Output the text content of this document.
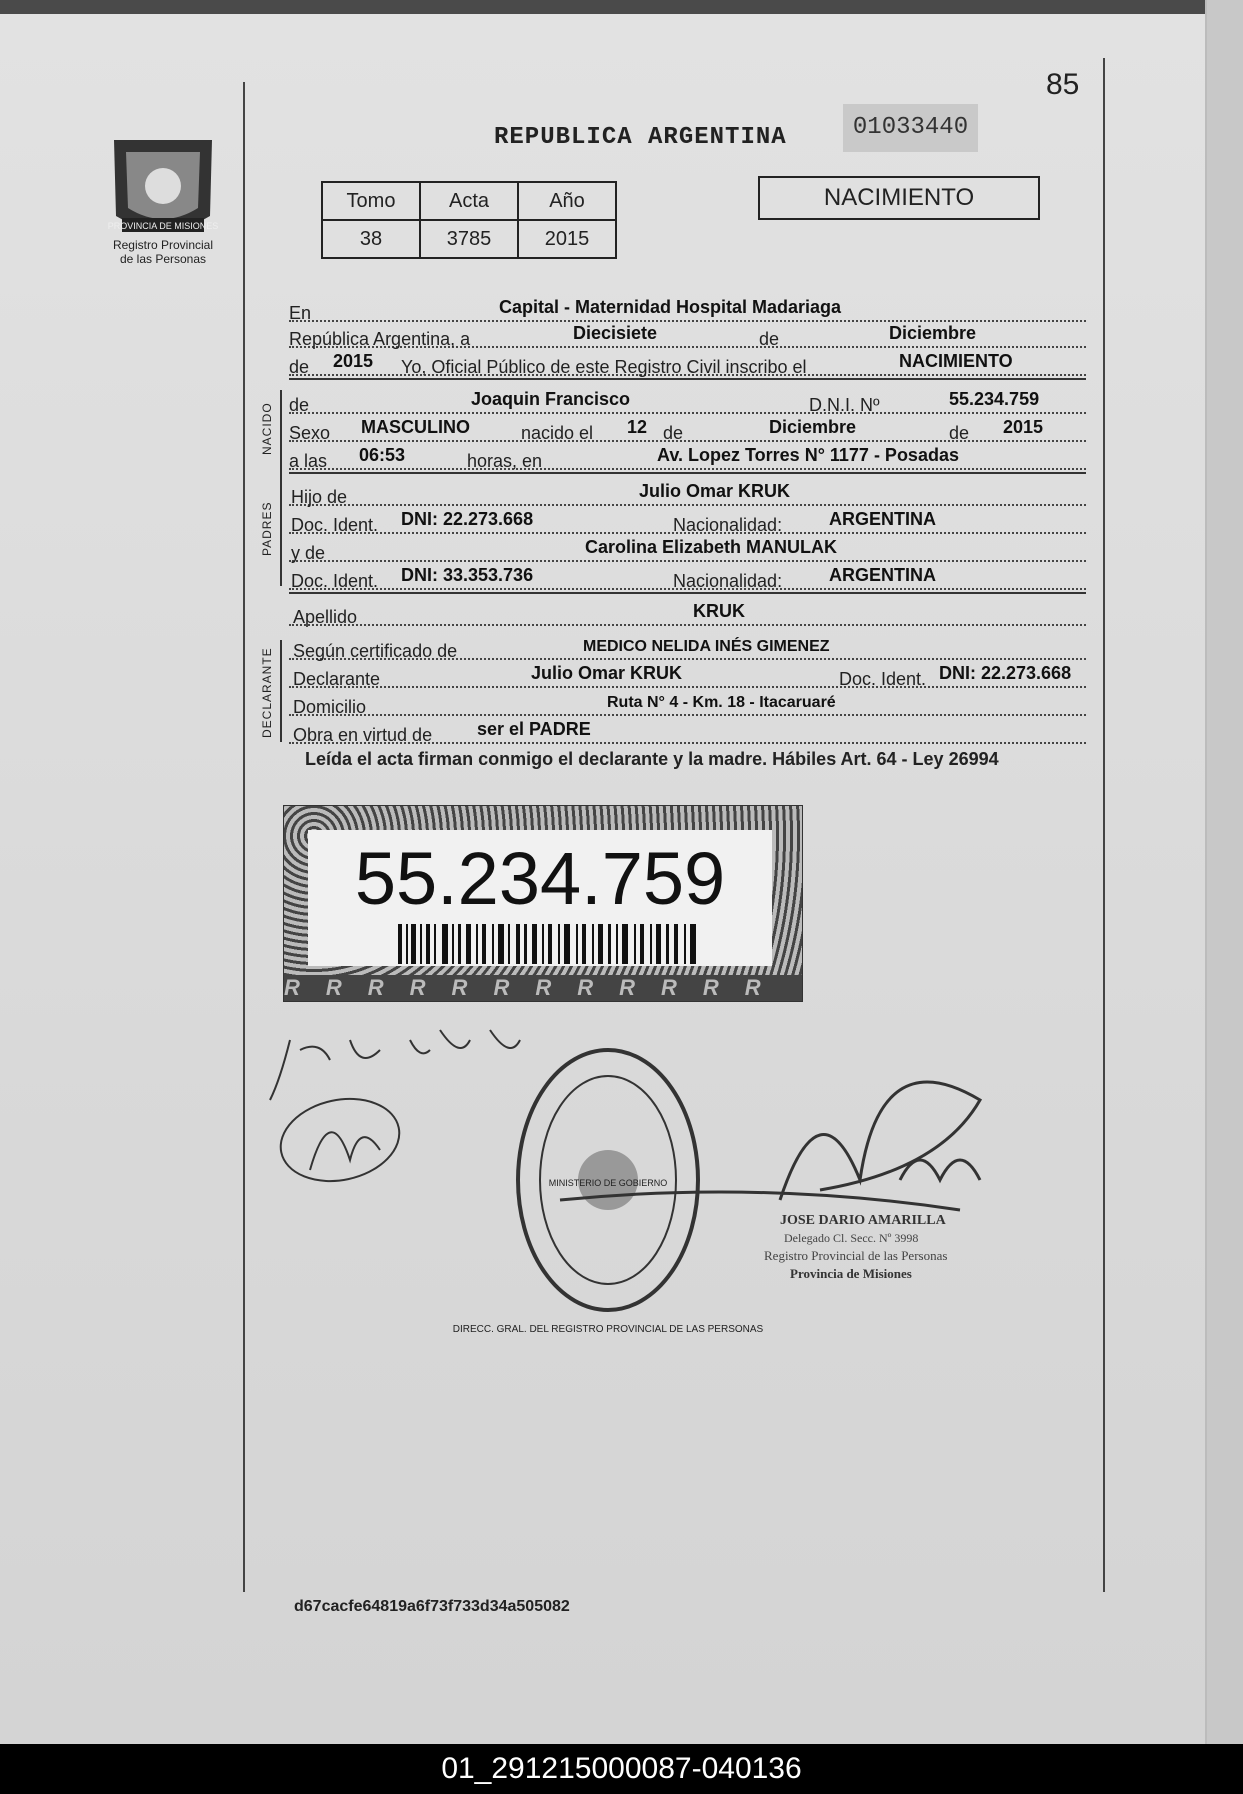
PROVINCIA DE MISIONES
Registro Provincial
de las Personas
85
REPUBLICA ARGENTINA	01033440
Tomo	Acta	Año
38	3785	2015
NACIMIENTO
En	Capital - Maternidad Hospital Madariaga
República Argentina, a	Diecisiete	de	Diciembre
de 2015 Yo, Oficial Público de este Registro Civil inscribo el	NACIMIENTO
NACIDO de	Joaquin Francisco	D.N.I. Nº	55.234.759
Sexo MASCULINO	nacido el 12 de	Diciembre	de 2015
a las 06:53	horas, en	Av. Lopez Torres N° 1177 - Posadas
PADRES
Hijo de	Julio Omar KRUK
Doc. Ident. DNI: 22.273.668	Nacionalidad:	ARGENTINA
y de	Carolina Elizabeth MANULAK
Doc. Ident. DNI: 33.353.736	Nacionalidad:	ARGENTINA
Apellido	KRUK
DECLARANTE Según certificado de	MEDICO NELIDA INÉS GIMENEZ
Declarante	Julio Omar KRUK	Doc. Ident. DNI: 22.273.668
Domicilio	Ruta N° 4 - Km. 18 - Itacaruaré
Obra en virtud de ser el PADRE
Leída el acta firman conmigo el declarante y la madre. Hábiles Art. 64 - Ley 26994
55.234.759
RRRRRRRRRRRR
MINISTERIO DE GOBIERNO
DIRECC. GRAL. DEL REGISTRO PROVINCIAL DE LAS PERSONAS
JOSE DARIO AMARILLA
Delegado Cl. Secc. Nº 3998
Registro Provincial de las Personas
Provincia de Misiones
d67cacfe64819a6f73f733d34a505082
01_291215000087-040136
